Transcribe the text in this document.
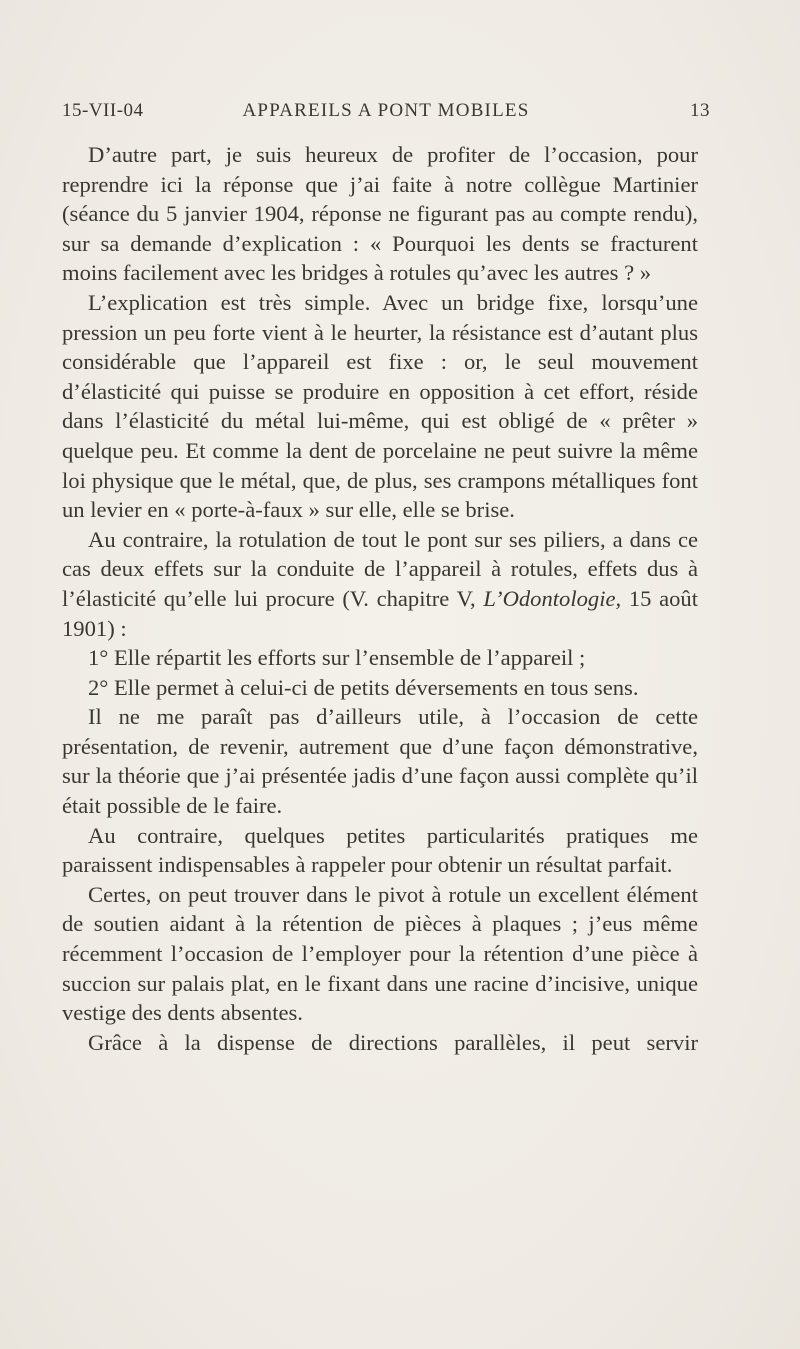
15-VII-04	APPAREILS A PONT MOBILES	13

D’autre part, je suis heureux de profiter de l’occasion, pour reprendre ici la réponse que j’ai faite à notre collègue Martinier (séance du 5 janvier 1904, réponse ne figurant pas au compte rendu), sur sa demande d’explication : « Pourquoi les dents se fracturent moins facilement avec les bridges à rotules qu’avec les autres ? »

L’explication est très simple. Avec un bridge fixe, lorsqu’une pression un peu forte vient à le heurter, la résistance est d’autant plus considérable que l’appareil est fixe : or, le seul mouvement d’élasticité qui puisse se produire en opposition à cet effort, réside dans l’élasticité du métal lui-même, qui est obligé de « prêter » quelque peu. Et comme la dent de porcelaine ne peut suivre la même loi physique que le métal, que, de plus, ses crampons métalliques font un levier en « porte-à-faux » sur elle, elle se brise.

Au contraire, la rotulation de tout le pont sur ses piliers, a dans ce cas deux effets sur la conduite de l’appareil à rotules, effets dus à l’élasticité qu’elle lui procure (V. chapitre V, L’Odontologie, 15 août 1901) :

1° Elle répartit les efforts sur l’ensemble de l’appareil ;

2° Elle permet à celui-ci de petits déversements en tous sens.

Il ne me paraît pas d’ailleurs utile, à l’occasion de cette présentation, de revenir, autrement que d’une façon démonstrative, sur la théorie que j’ai présentée jadis d’une façon aussi complète qu’il était possible de le faire.

Au contraire, quelques petites particularités pratiques me paraissent indispensables à rappeler pour obtenir un résultat parfait.

Certes, on peut trouver dans le pivot à rotule un excellent élément de soutien aidant à la rétention de pièces à plaques ; j’eus même récemment l’occasion de l’employer pour la rétention d’une pièce à succion sur palais plat, en le fixant dans une racine d’incisive, unique vestige des dents absentes.

Grâce à la dispense de directions parallèles, il peut servir
